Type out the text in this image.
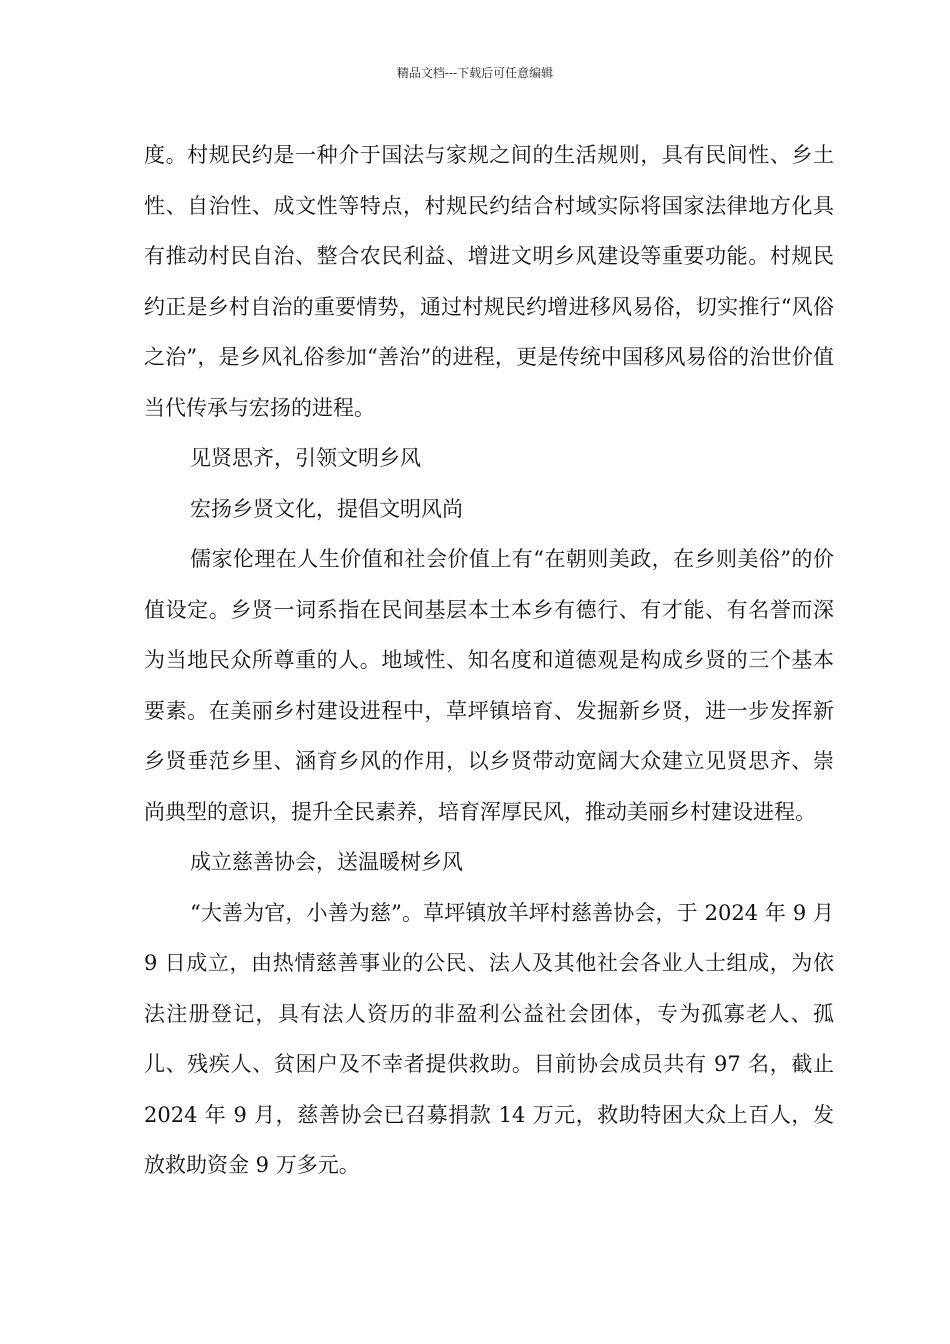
精品文档---下载后可任意编辑

度。村规民约是一种介于国法与家规之间的生活规则，具有民间性、乡土性、自治性、成文性等特点，村规民约结合村域实际将国家法律地方化具有推动村民自治、整合农民利益、增进文明乡风建设等重要功能。村规民约正是乡村自治的重要情势，通过村规民约增进移风易俗，切实推行“风俗之治”，是乡风礼俗参加“善治”的进程，更是传统中国移风易俗的治世价值当代传承与宏扬的进程。

见贤思齐，引领文明乡风

宏扬乡贤文化，提倡文明风尚

儒家伦理在人生价值和社会价值上有“在朝则美政，在乡则美俗”的价值设定。乡贤一词系指在民间基层本土本乡有德行、有才能、有名誉而深为当地民众所尊重的人。地域性、知名度和道德观是构成乡贤的三个基本要素。在美丽乡村建设进程中，草坪镇培育、发掘新乡贤，进一步发挥新乡贤垂范乡里、涵育乡风的作用，以乡贤带动宽阔大众建立见贤思齐、崇尚典型的意识，提升全民素养，培育浑厚民风，推动美丽乡村建设进程。

成立慈善协会，送温暖树乡风

“大善为官，小善为慈”。草坪镇放羊坪村慈善协会，于 2024 年 9 月 9 日成立，由热情慈善事业的公民、法人及其他社会各业人士组成，为依法注册登记，具有法人资历的非盈利公益社会团体，专为孤寡老人、孤儿、残疾人、贫困户及不幸者提供救助。目前协会成员共有 97 名，截止 2024 年 9 月，慈善协会已召募捐款 14 万元，救助特困大众上百人，发放救助资金 9 万多元。
